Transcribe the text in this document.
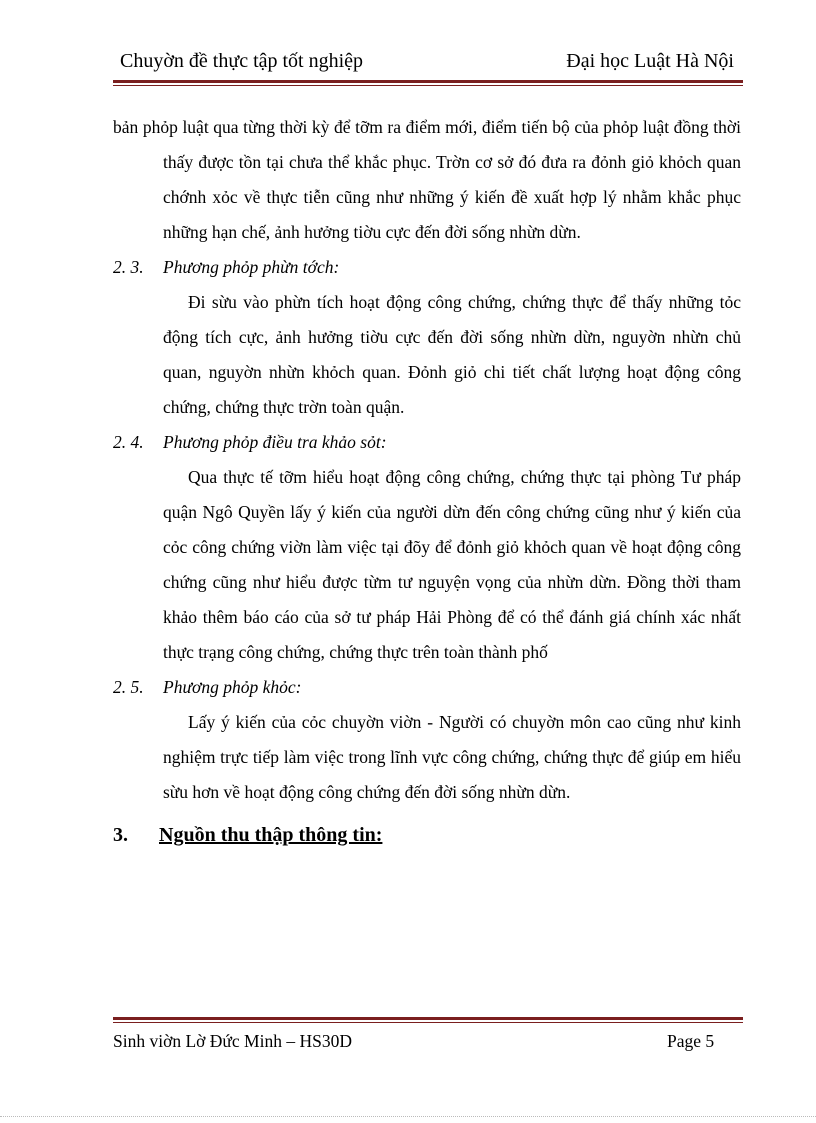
Chuyờn đề thực tập tốt nghiệp	Đại học Luật Hà Nội

bản phỏp luật qua từng thời kỳ để tỡm ra điểm mới, điểm tiến bộ của phỏp luật đồng thời thấy được tồn tại chưa thể khắc phục. Trờn cơ sở đó đưa ra đỏnh giỏ khỏch quan chớnh xỏc về thực tiễn cũng như những ý kiến đề xuất hợp lý nhằm khắc phục những hạn chế, ảnh hưởng tiờu cực đến đời sống nhừn dừn.

2. 3. Phương phỏp phừn tớch:

Đi sừu vào phừn tích hoạt động công chứng, chứng thực để thấy những tỏc động tích cực, ảnh hưởng tiờu cực đến đời sống nhừn dừn, nguyờn nhừn chủ quan, nguyờn nhừn khỏch quan. Đỏnh giỏ chi tiết chất lượng hoạt động công chứng, chứng thực trờn toàn quận.

2. 4. Phương phỏp điều tra khảo sỏt:

Qua thực tế tỡm hiểu hoạt động công chứng, chứng thực tại phòng Tư pháp quận Ngô Quyền lấy ý kiến của người dừn đến công chứng cũng như ý kiến của cỏc công chứng viờn làm việc tại đõy để đỏnh giỏ khỏch quan về hoạt động công chứng cũng như hiểu được từm tư nguyện vọng của nhừn dừn. Đồng thời tham khảo thêm báo cáo của sở tư pháp Hải Phòng để có thể đánh giá chính xác nhất thực trạng công chứng, chứng thực trên toàn thành phố

2. 5. Phương phỏp khỏc:

Lấy ý kiến của cỏc chuyờn viờn - Người có chuyờn môn cao cũng như kinh nghiệm trực tiếp làm việc trong lĩnh vực công chứng, chứng thực để giúp em hiểu sừu hơn về hoạt động công chứng đến đời sống nhừn dừn.

3. Nguồn thu thập thông tin:
Sinh viờn Lờ Đức Minh – HS30D	Page 5
